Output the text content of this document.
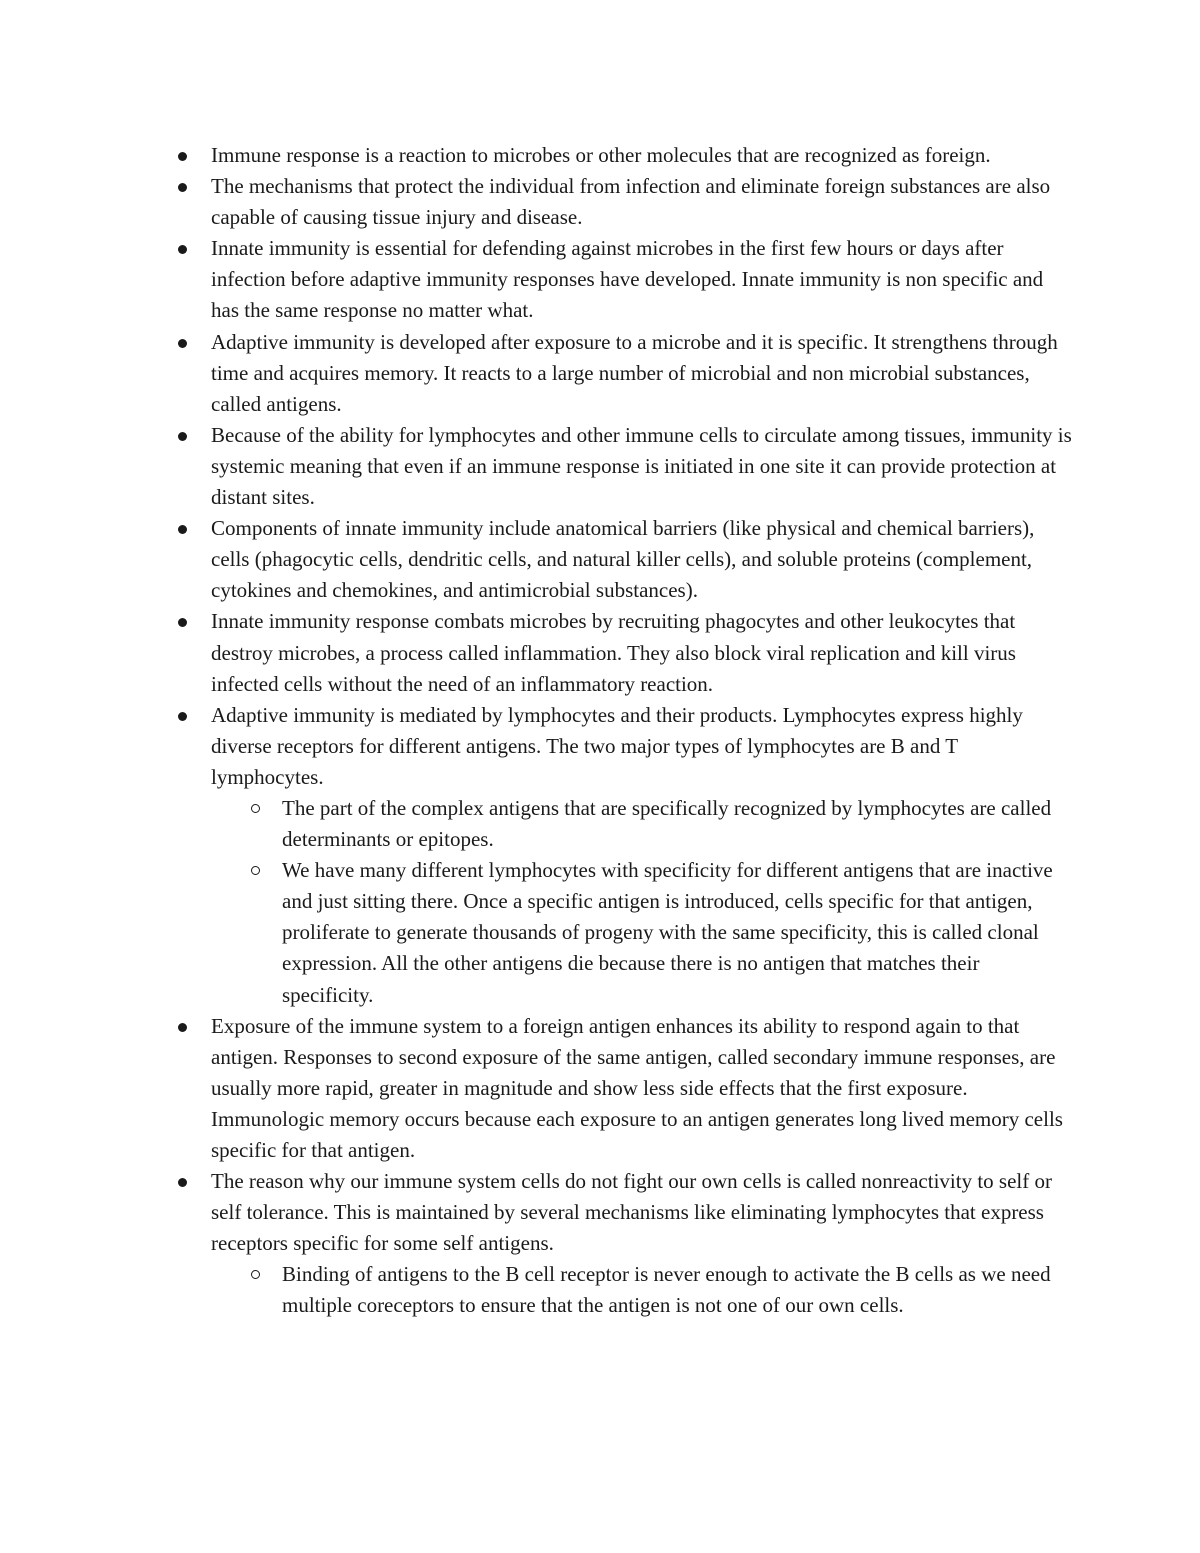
Immune response is a reaction to microbes or other molecules that are recognized as foreign.
The mechanisms that protect the individual from infection and eliminate foreign substances are also capable of causing tissue injury and disease.
Innate immunity is essential for defending against microbes in the first few hours or days after infection before adaptive immunity responses have developed. Innate immunity is non specific and has the same response no matter what.
Adaptive immunity is developed after exposure to a microbe and it is specific. It strengthens through time and acquires memory. It reacts to a large number of microbial and non microbial substances, called antigens.
Because of the ability for lymphocytes and other immune cells to circulate among tissues, immunity is systemic meaning that even if an immune response is initiated in one site it can provide protection at distant sites.
Components of innate immunity include anatomical barriers (like physical and chemical barriers), cells (phagocytic cells, dendritic cells, and natural killer cells), and soluble proteins (complement, cytokines and chemokines, and antimicrobial substances).
Innate immunity response combats microbes by recruiting phagocytes and other leukocytes that destroy microbes, a process called inflammation. They also block viral replication and kill virus infected cells without the need of an inflammatory reaction.
Adaptive immunity is mediated by lymphocytes and their products. Lymphocytes express highly diverse receptors for different antigens. The two major types of lymphocytes are B and T lymphocytes.
The part of the complex antigens that are specifically recognized by lymphocytes are called determinants or epitopes.
We have many different lymphocytes with specificity for different antigens that are inactive and just sitting there. Once a specific antigen is introduced, cells specific for that antigen, proliferate to generate thousands of progeny with the same specificity, this is called clonal expression. All the other antigens die because there is no antigen that matches their specificity.
Exposure of the immune system to a foreign antigen enhances its ability to respond again to that antigen. Responses to second exposure of the same antigen, called secondary immune responses, are usually more rapid, greater in magnitude and show less side effects that the first exposure. Immunologic memory occurs because each exposure to an antigen generates long lived memory cells specific for that antigen.
The reason why our immune system cells do not fight our own cells is called nonreactivity to self or self tolerance. This is maintained by several mechanisms like eliminating lymphocytes that express receptors specific for some self antigens.
Binding of antigens to the B cell receptor is never enough to activate the B cells as we need multiple coreceptors to ensure that the antigen is not one of our own cells.
